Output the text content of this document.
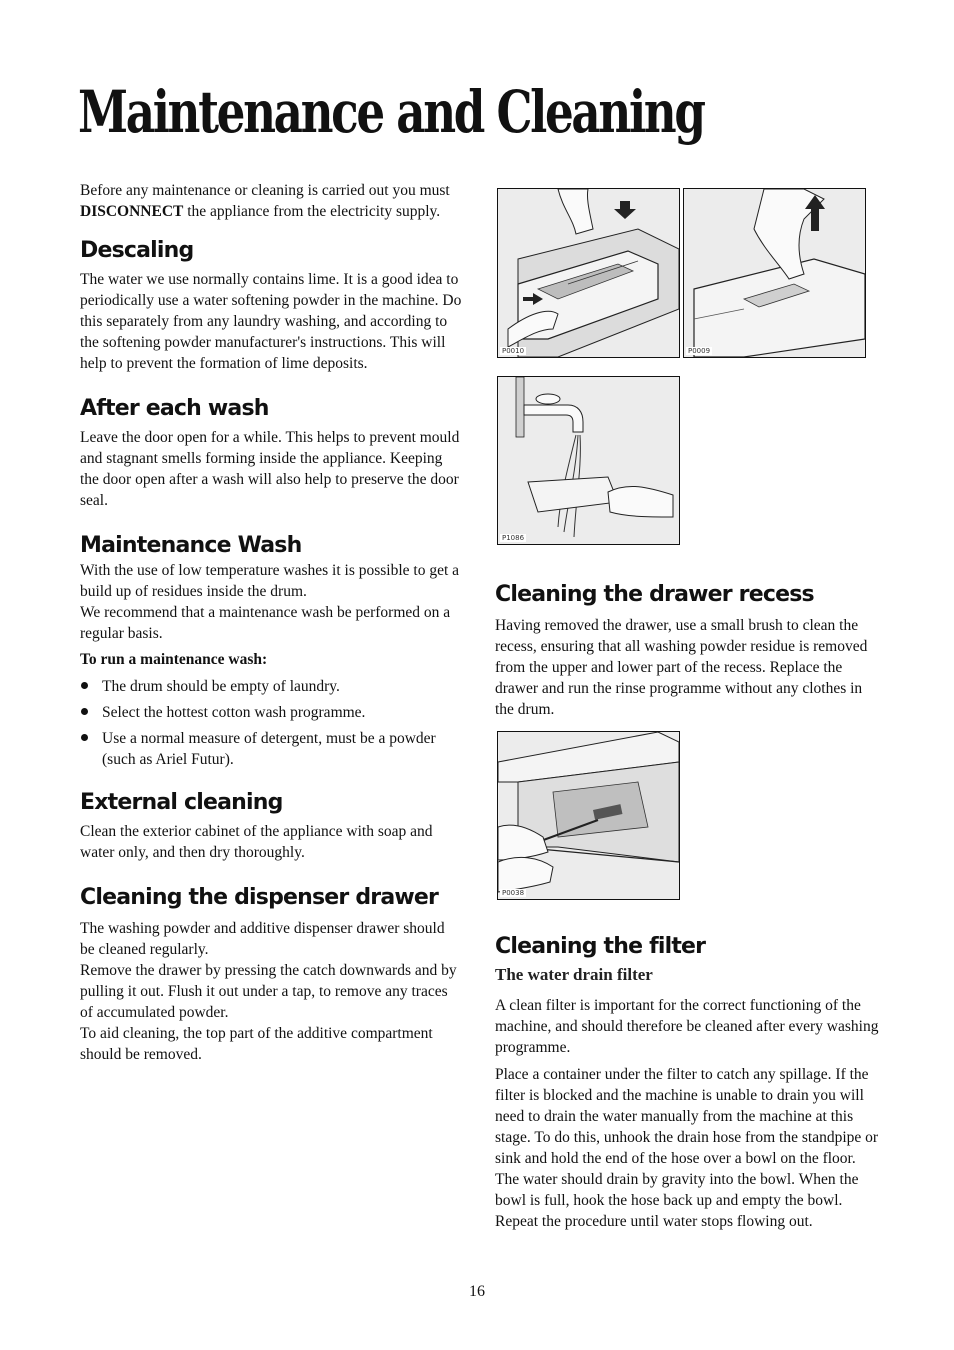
Maintenance and Cleaning

Before any maintenance or cleaning is carried out you must DISCONNECT the appliance from the electricity supply.

Descaling

The water we use normally contains lime. It is a good idea to periodically use a water softening powder in the machine. Do this separately from any laundry washing, and according to the softening powder manufacturer's instructions. This will help to prevent the formation of lime deposits.

After each wash

Leave the door open for a while. This helps to prevent mould and stagnant smells forming inside the appliance. Keeping the door open after a wash will also help to preserve the door seal.

Maintenance Wash

With the use of low temperature washes it is possible to get a build up of residues inside the drum.

We recommend that a maintenance wash be performed on a regular basis.

To run a maintenance wash:

The drum should be empty of laundry.
Select the hottest cotton wash programme.
Use a normal measure of detergent, must be a powder (such as Ariel Futur).
External cleaning

Clean the exterior cabinet of the appliance with soap and water only, and then dry thoroughly.

Cleaning the dispenser drawer

The washing powder and additive dispenser drawer should be cleaned regularly.

Remove the drawer by pressing the catch downwards and by pulling it out. Flush it out under a tap, to remove any traces of accumulated powder.

To aid cleaning, the top part of the additive compartment should be removed.

P0010	P0009
P1086
Cleaning the drawer recess

Having removed the drawer, use a small brush to clean the recess, ensuring that all washing powder residue is removed from the upper and lower part of the recess. Replace the drawer and run the rinse programme without any clothes in the drum.

P0038
Cleaning the filter
The water drain filter

A clean filter is important for the correct functioning of the machine, and should therefore be cleaned after every washing programme.

Place a container under the filter to catch any spillage. If the filter is blocked and the machine is unable to drain you will need to drain the water manually from the machine at this stage. To do this, unhook the drain hose from the standpipe or sink and hold the end of the hose over a bowl on the floor. The water should drain by gravity into the bowl. When the bowl is full, hook the hose back up and empty the bowl. Repeat the procedure until water stops flowing out.

16
